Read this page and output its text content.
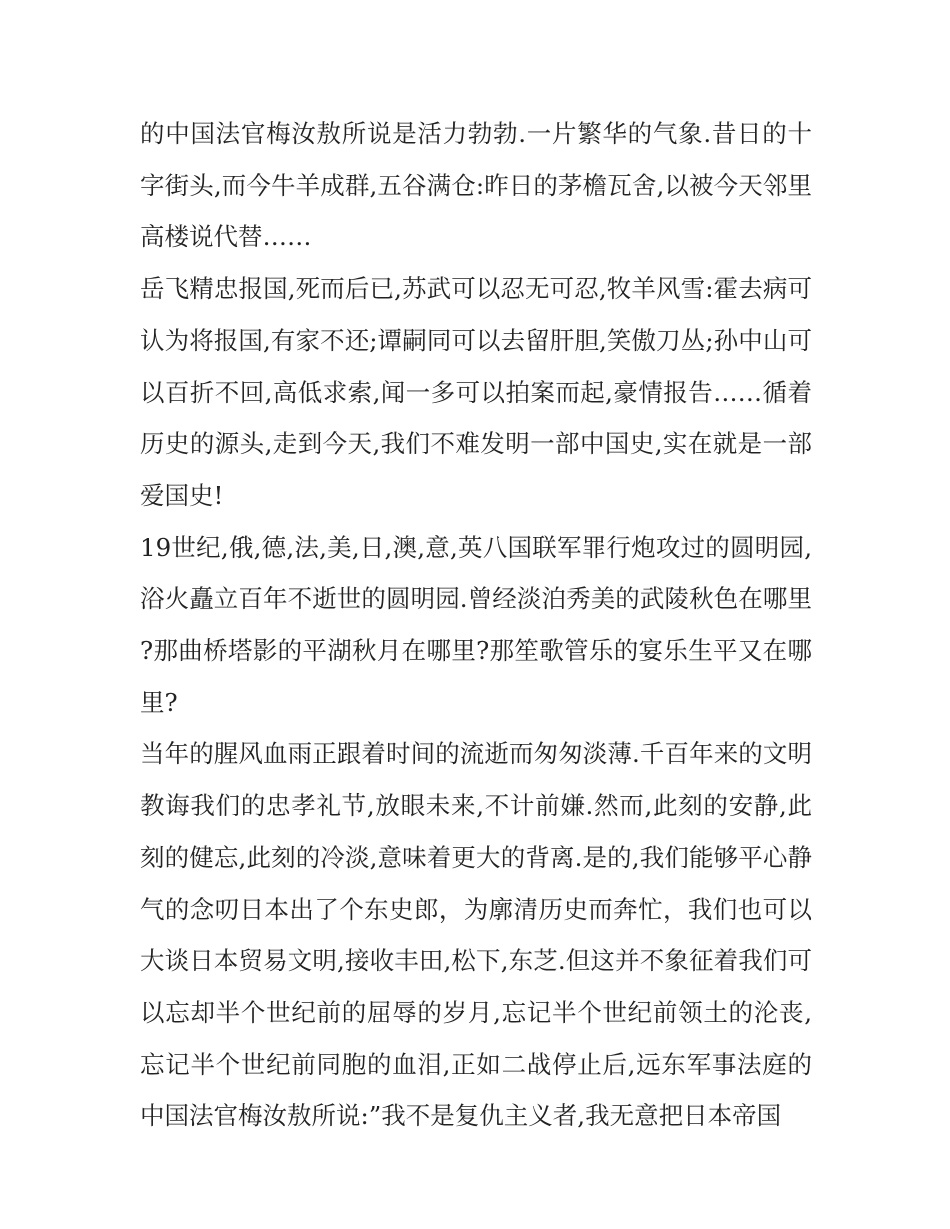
的中国法官梅汝敖所说是活力勃勃.一片繁华的气象.昔日的十字街头,而今牛羊成群,五谷满仓:昨日的茅檐瓦舍,以被今天邻里高楼说代替……

岳飞精忠报国,死而后已,苏武可以忍无可忍,牧羊风雪:霍去病可认为将报国,有家不还;谭嗣同可以去留肝胆,笑傲刀丛;孙中山可以百折不回,高低求索,闻一多可以拍案而起,豪情报告……循着历史的源头,走到今天,我们不难发明一部中国史,实在就是一部爱国史!

19世纪,俄,德,法,美,日,澳,意,英八国联军罪行炮攻过的圆明园,浴火矗立百年不逝世的圆明园.曾经淡泊秀美的武陵秋色在哪里?那曲桥塔影的平湖秋月在哪里?那笙歌管乐的宴乐生平又在哪里?

当年的腥风血雨正跟着时间的流逝而匆匆淡薄.千百年来的文明教诲我们的忠孝礼节,放眼未来,不计前嫌.然而,此刻的安静,此刻的健忘,此刻的冷淡,意味着更大的背离.是的,我们能够平心静气的念叨日本出了个东史郎，为廓清历史而奔忙，我们也可以大谈日本贸易文明,接收丰田,松下,东芝.但这并不象征着我们可以忘却半个世纪前的屈辱的岁月,忘记半个世纪前领土的沦丧,忘记半个世纪前同胞的血泪,正如二战停止后,远东军事法庭的中国法官梅汝敖所说:”我不是复仇主义者,我无意把日本帝国
